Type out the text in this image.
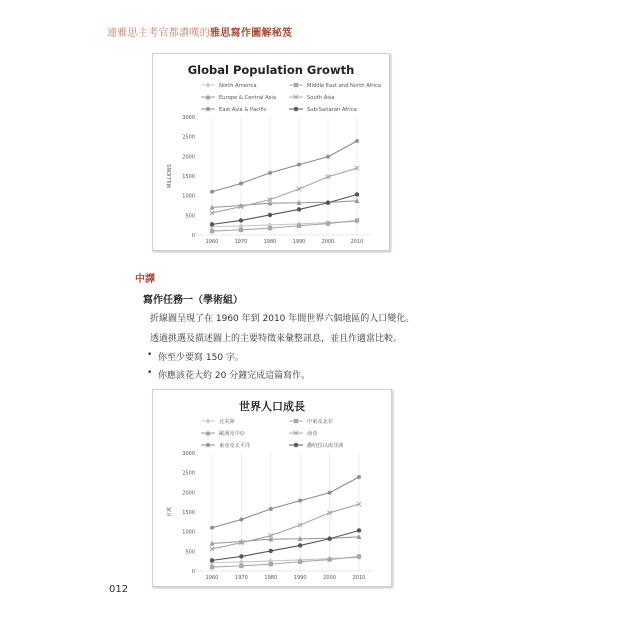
連雅思主考官都讚嘆的雅思寫作圖解秘笈
Global Population Growth
North America	Middle East and North Africa
Europe & Central Asia	South Asia
East Asia & Pacific	Sub-Saharan Africa
1960	1970	1980	1990	2000	2010
0
500
1000
1500
2000
2500
3000
MILLIONS
中譯
寫作任務一（學術組）
折線圖呈現了在 1960 年到 2010 年間世界六個地區的人口變化。
透過挑選及描述圖上的主要特徵來彙整訊息，並且作適當比較。
• 你至少要寫 150 字。
• 你應該花大約 20 分鐘完成這篇寫作。
世界人口成長
北美洲	中東及北非
歐洲及中亞	南亞
東亞及太平洋	撒哈拉以南非洲
1960	1970	1980	1990	2000	2010
0
500
1000
1500
2000
2500
3000
百萬
012
